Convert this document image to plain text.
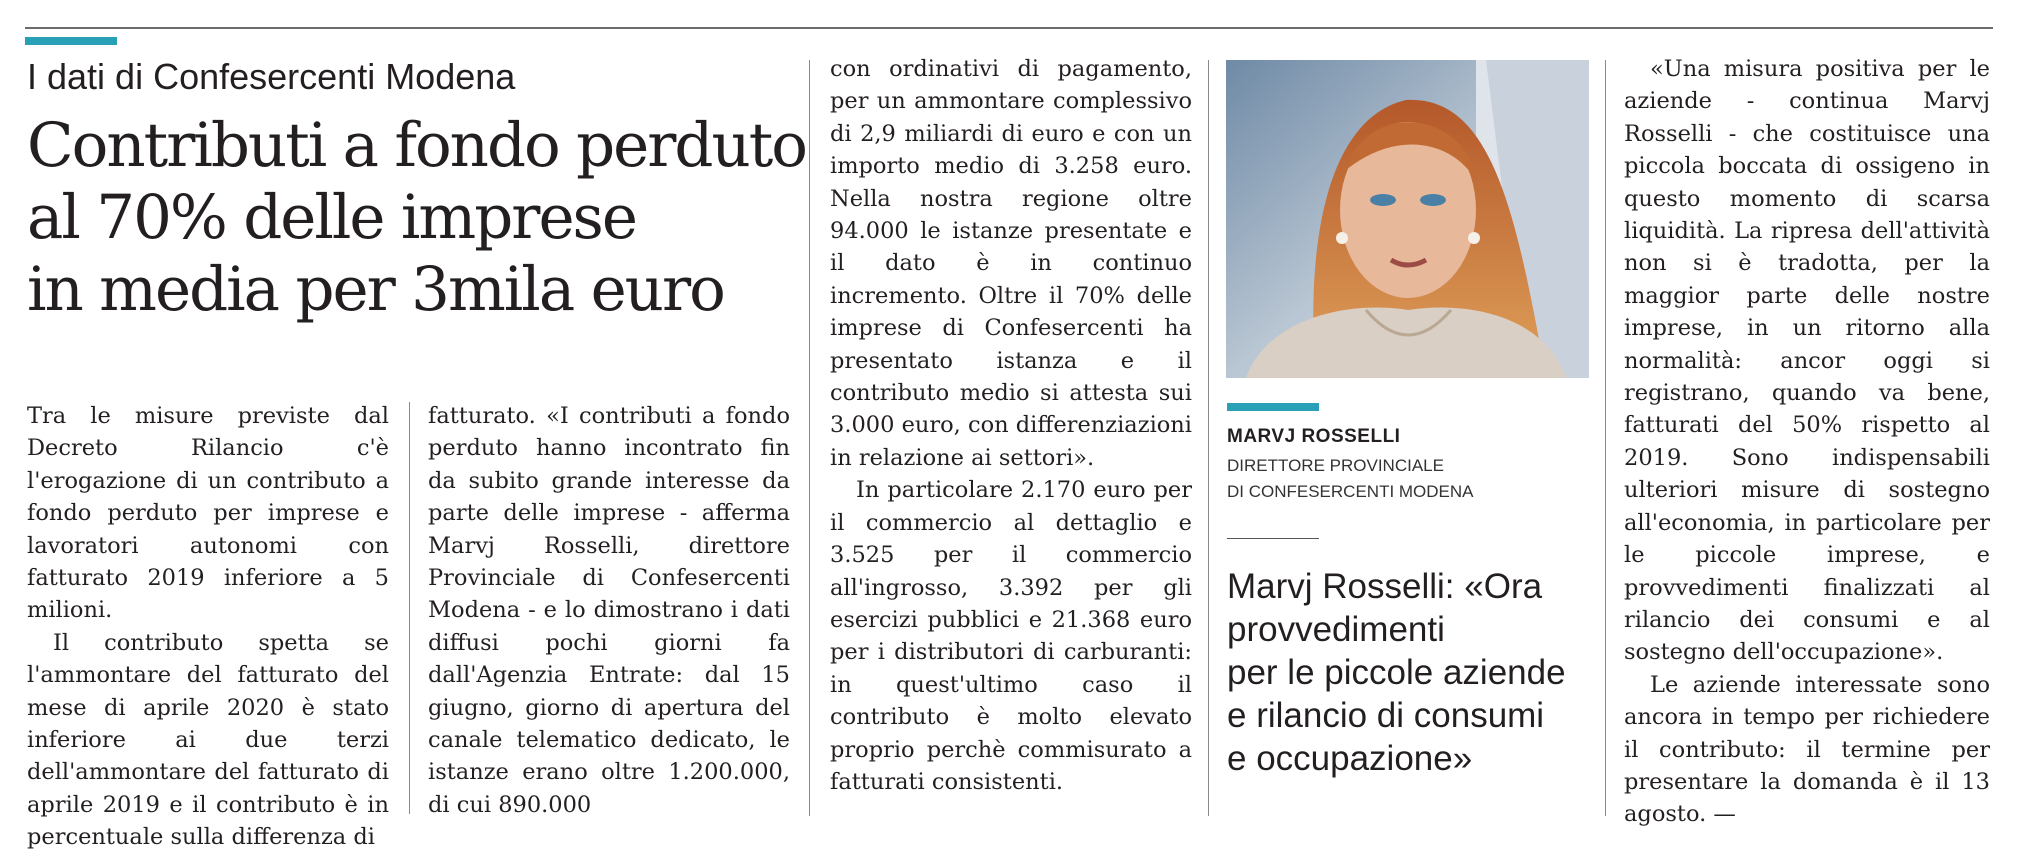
I dati di Confesercenti Modena
Contributi a fondo perduto
al 70% delle imprese
in media per 3mila euro

Tra le misure previste dal Decreto Rilancio c'è l'erogazione di un contributo a fondo perduto per imprese e lavoratori autonomi con fatturato 2019 inferiore a 5 milioni.

Il contributo spetta se l'ammontare del fatturato del mese di aprile 2020 è stato inferiore ai due terzi dell'ammontare del fatturato di aprile 2019 e il contributo è in percentuale sulla differenza di

fatturato. «I contributi a fondo perduto hanno incontrato fin da subito grande interesse da parte delle imprese - afferma Marvj Rosselli, direttore Provinciale di Confesercenti Modena - e lo dimostrano i dati diffusi pochi giorni fa dall'Agenzia Entrate: dal 15 giugno, giorno di apertura del canale telematico dedicato, le istanze erano oltre 1.200.000, di cui 890.000

con ordinativi di pagamento, per un ammontare complessivo di 2,9 miliardi di euro e con un importo medio di 3.258 euro. Nella nostra regione oltre 94.000 le istanze presentate e il dato è in continuo incremento. Oltre il 70% delle imprese di Confesercenti ha presentato istanza e il contributo medio si attesta sui 3.000 euro, con differenziazioni in relazione ai settori».

In particolare 2.170 euro per il commercio al dettaglio e 3.525 per il commercio all'ingrosso, 3.392 per gli esercizi pubblici e 21.368 euro per i distributori di carburanti: in quest'ultimo caso il contributo è molto elevato proprio perchè commisurato a fatturati consistenti.

MARVJ ROSSELLI
DIRETTORE PROVINCIALE
DI CONFESERCENTI MODENA
Marvj Rosselli: «Ora
provvedimenti
per le piccole aziende
e rilancio di consumi
e occupazione»

«Una misura positiva per le aziende - continua Marvj Rosselli - che costituisce una piccola boccata di ossigeno in questo momento di scarsa liquidità. La ripresa dell'attività non si è tradotta, per la maggior parte delle nostre imprese, in un ritorno alla normalità: ancor oggi si registrano, quando va bene, fatturati del 50% rispetto al 2019. Sono indispensabili ulteriori misure di sostegno all'economia, in particolare per le piccole imprese, e provvedimenti finalizzati al rilancio dei consumi e al sostegno dell'occupazione».

Le aziende interessate sono ancora in tempo per richiedere il contributo: il termine per presentare la domanda è il 13 agosto. —
